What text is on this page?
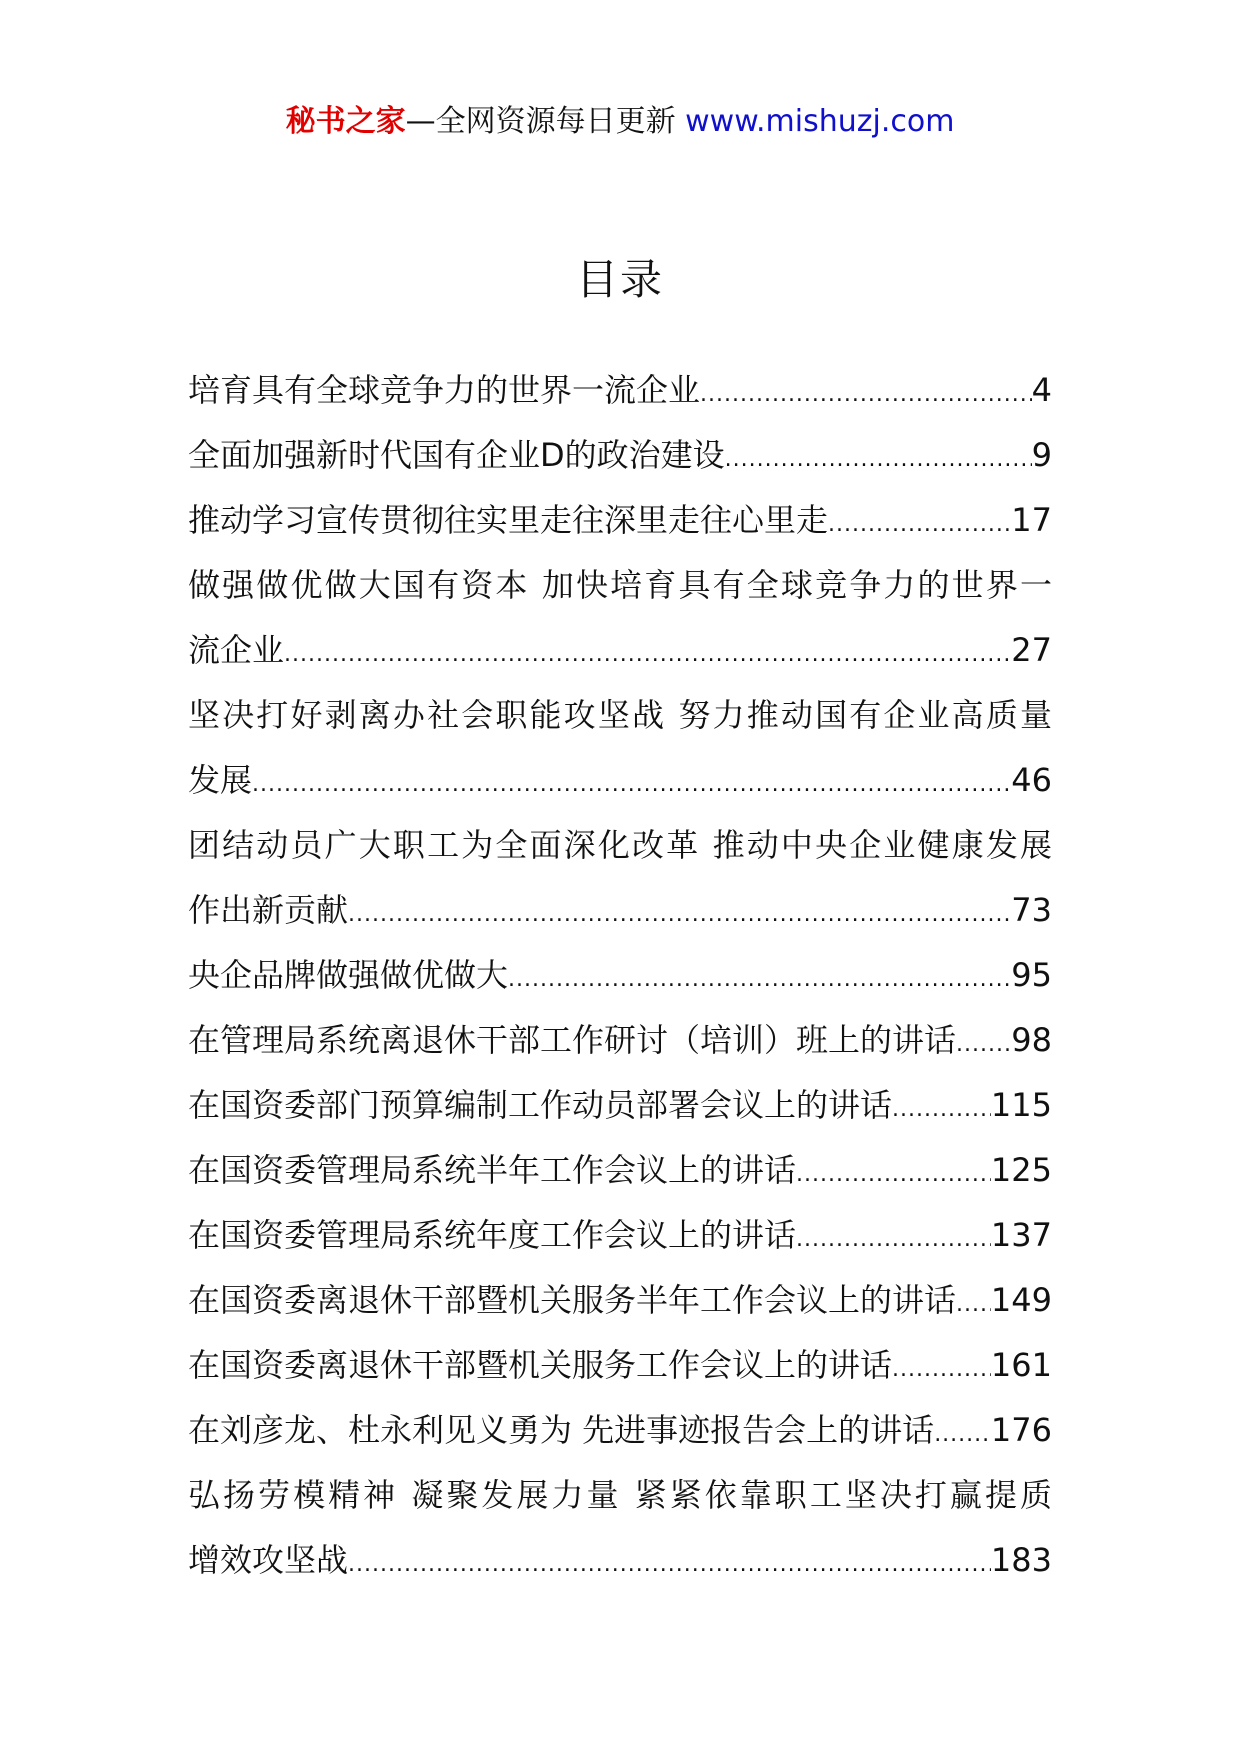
秘书之家—全网资源每日更新 www.mishuzj.com
目录
培育具有全球竞争力的世界一流企业 .....	4
全面加强新时代国有企业D的政治建设 .....	9
推动学习宣传贯彻往实里走往深里走往心里走 .....	17
做强做优做大国有资本 加快培育具有全球竞争力的世界一
流企业 .....	27
坚决打好剥离办社会职能攻坚战 努力推动国有企业高质量
发展 .....	46
团结动员广大职工为全面深化改革 推动中央企业健康发展
作出新贡献 .....	73
央企品牌做强做优做大 .....	95
在管理局系统离退休干部工作研讨（培训）班上的讲话 ..... 98
在国资委部门预算编制工作动员部署会议上的讲话 .....	115
在国资委管理局系统半年工作会议上的讲话 .....	125
在国资委管理局系统年度工作会议上的讲话 .....	137
在国资委离退休干部暨机关服务半年工作会议上的讲话 ..... 149
在国资委离退休干部暨机关服务工作会议上的讲话 .....	161
在刘彦龙、杜永利见义勇为 先进事迹报告会上的讲话 ..... 176
弘扬劳模精神 凝聚发展力量 紧紧依靠职工坚决打赢提质
增效攻坚战 .....	183
